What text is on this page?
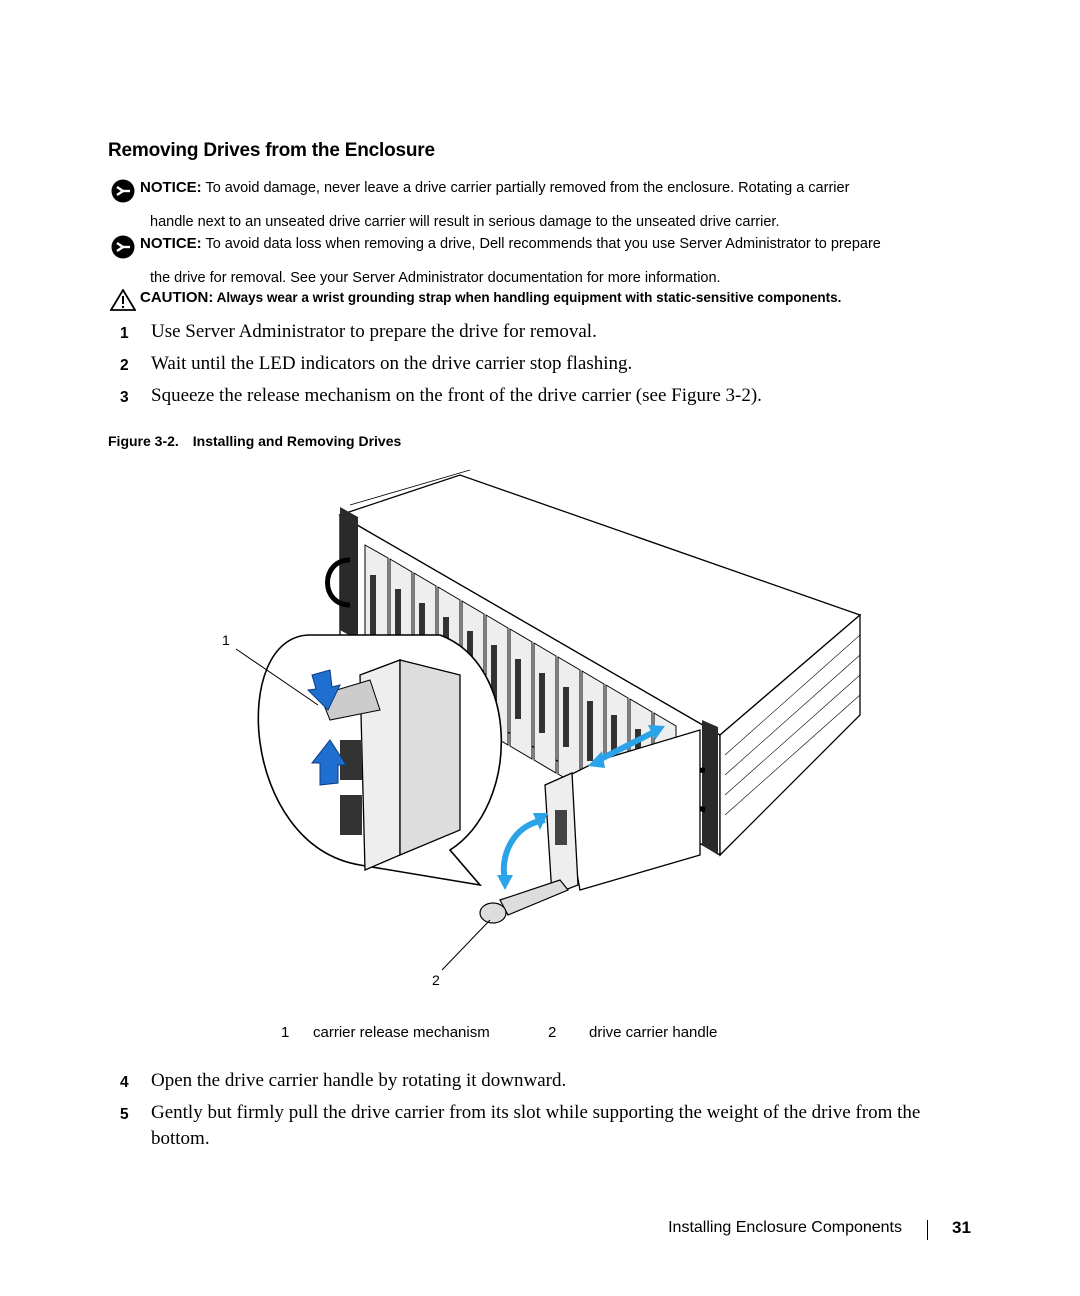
Removing Drives from the Enclosure
NOTICE: To avoid damage, never leave a drive carrier partially removed from the enclosure. Rotating a carrier
handle next to an unseated drive carrier will result in serious damage to the unseated drive carrier.
NOTICE: To avoid data loss when removing a drive, Dell recommends that you use Server Administrator to prepare
the drive for removal. See your Server Administrator documentation for more information.
CAUTION: Always wear a wrist grounding strap when handling equipment with static-sensitive components.
1	Use Server Administrator to prepare the drive for removal.
2	Wait until the LED indicators on the drive carrier stop flashing.
3	Squeeze the release mechanism on the front of the drive carrier (see Figure 3-2).
Figure 3-2. Installing and Removing Drives
1
2
1 carrier release mechanism	2 drive carrier handle
4	Open the drive carrier handle by rotating it downward.
5	Gently but firmly pull the drive carrier from its slot while supporting the weight of the drive from the
bottom.
Installing Enclosure Components	31
